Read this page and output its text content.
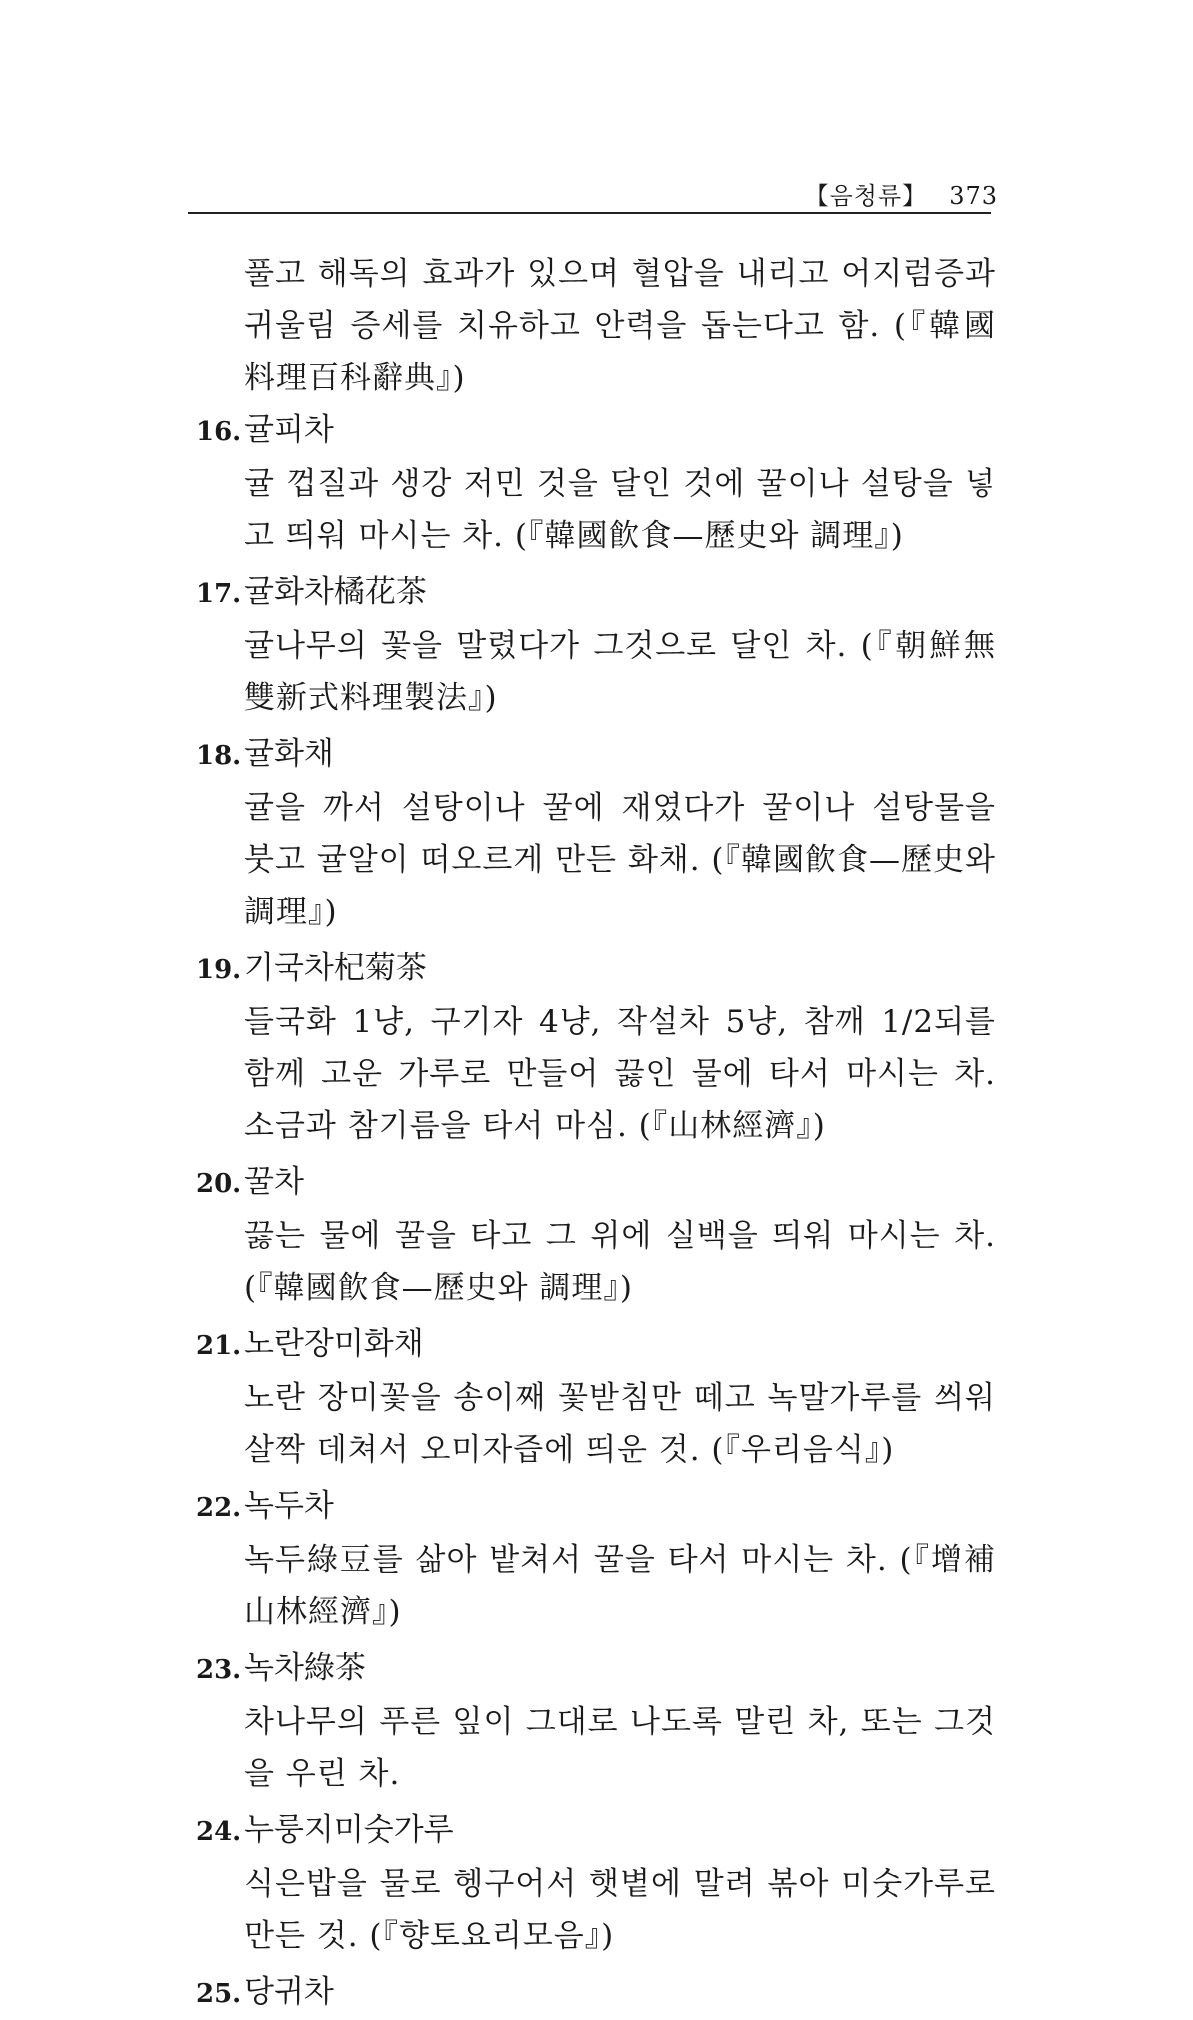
【음청류】 373

풀고 해독의 효과가 있으며 혈압을 내리고 어지럼증과 귀울림 증세를 치유하고 안력을 돕는다고 함. (『韓國料理百科辭典』)

16.귤피차

귤 껍질과 생강 저민 것을 달인 것에 꿀이나 설탕을 넣고 띄워 마시는 차. (『韓國飮食—歷史와 調理』)

17.귤화차橘花茶

귤나무의 꽃을 말렸다가 그것으로 달인 차. (『朝鮮無雙新式料理製法』)

18.귤화채

귤을 까서 설탕이나 꿀에 재였다가 꿀이나 설탕물을 붓고 귤알이 떠오르게 만든 화채. (『韓國飮食—歷史와 調理』)

19.기국차杞菊茶

들국화 1냥, 구기자 4냥, 작설차 5냥, 참깨 1/2되를 함께 고운 가루로 만들어 끓인 물에 타서 마시는 차. 소금과 참기름을 타서 마심. (『山林經濟』)

20.꿀차

끓는 물에 꿀을 타고 그 위에 실백을 띄워 마시는 차. (『韓國飮食—歷史와 調理』)

21.노란장미화채

노란 장미꽃을 송이째 꽃받침만 떼고 녹말가루를 씌워 살짝 데쳐서 오미자즙에 띄운 것. (『우리음식』)

22.녹두차

녹두綠豆를 삶아 밭쳐서 꿀을 타서 마시는 차. (『增補山林經濟』)

23.녹차綠茶

차나무의 푸른 잎이 그대로 나도록 말린 차, 또는 그것을 우린 차.

24.누룽지미숫가루

식은밥을 물로 헹구어서 햇볕에 말려 볶아 미숫가루로 만든 것. (『향토요리모음』)

25.당귀차
